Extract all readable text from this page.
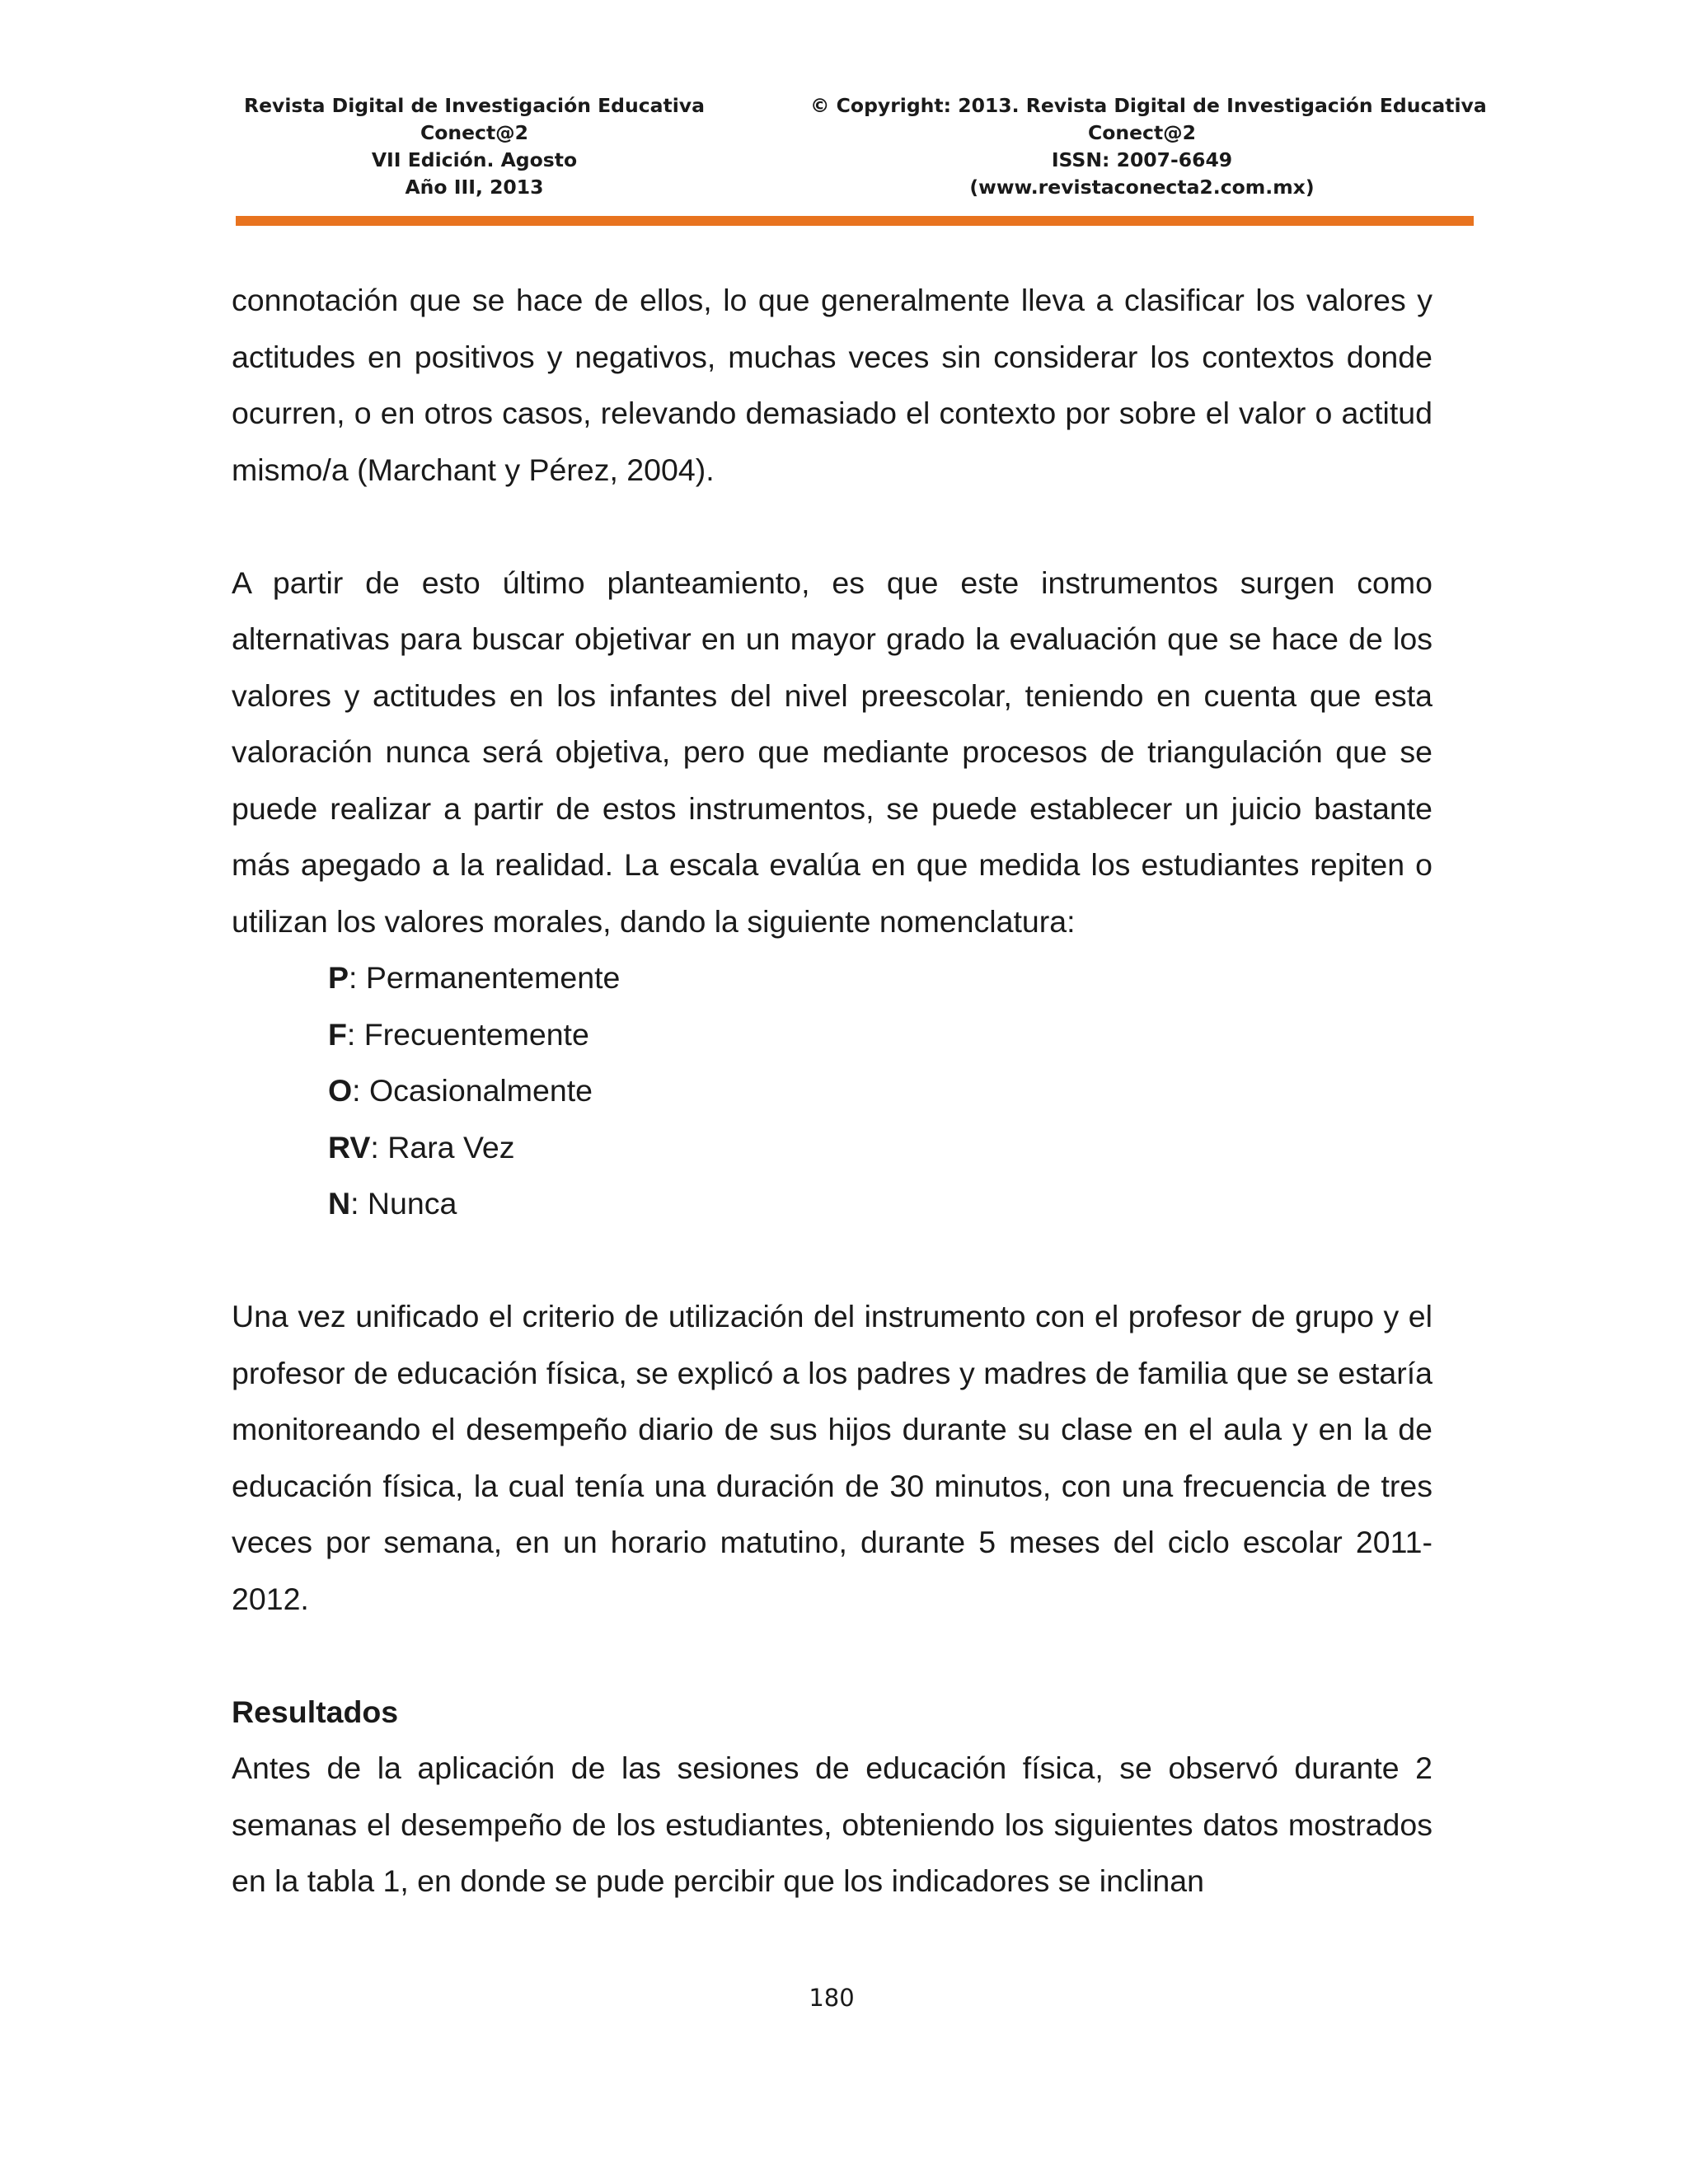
Revista Digital de Investigación Educativa
Conect@2
VII Edición. Agosto
Año III, 2013
© Copyright: 2013. Revista Digital de Investigación Educativa
Conect@2
ISSN: 2007-6649
(www.revistaconecta2.com.mx)

connotación que se hace de ellos, lo que generalmente lleva a clasificar los valores y actitudes en positivos y negativos, muchas veces sin considerar los contextos donde ocurren, o en otros casos, relevando demasiado el contexto por sobre el valor o actitud mismo/a (Marchant y Pérez, 2004).

A partir de esto último planteamiento, es que este instrumentos surgen como alternativas para buscar objetivar en un mayor grado la evaluación que se hace de los valores y actitudes en los infantes del nivel preescolar, teniendo en cuenta que esta valoración nunca será objetiva, pero que mediante procesos de triangulación que se puede realizar a partir de estos instrumentos, se puede establecer un juicio bastante más apegado a la realidad. La escala evalúa en que medida los estudiantes repiten o utilizan los valores morales, dando la siguiente nomenclatura:

P: Permanentemente
F: Frecuentemente
O: Ocasionalmente
RV: Rara Vez
N: Nunca

Una vez unificado el criterio de utilización del instrumento con el profesor de grupo y el profesor de educación física, se explicó a los padres y madres de familia que se estaría monitoreando el desempeño diario de sus hijos durante su clase en el aula y en la de educación física, la cual tenía una duración de 30 minutos, con una frecuencia de tres veces por semana, en un horario matutino, durante 5 meses del ciclo escolar 2011-2012.

Resultados

Antes de la aplicación de las sesiones de educación física, se observó durante 2 semanas el desempeño de los estudiantes, obteniendo los siguientes datos mostrados en la tabla 1, en donde se pude percibir que los indicadores se inclinan

180
